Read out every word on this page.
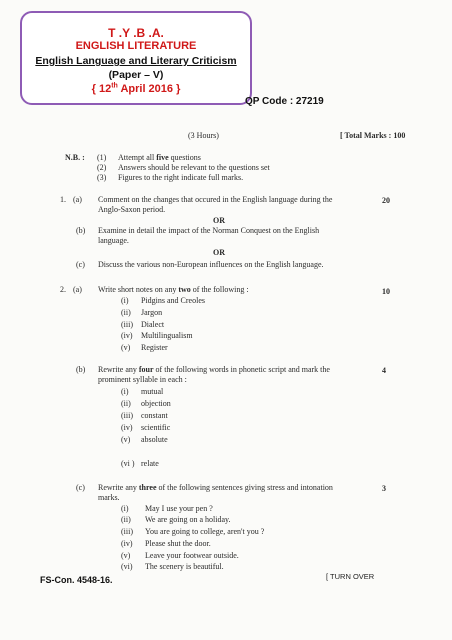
T .Y .B .A.
ENGLISH LITERATURE
English Language and Literary Criticism
(Paper – V)
{ 12th April 2016 }
QP Code : 27219
(3 Hours)	[ Total Marks : 100
N.B. : (1) Attempt all five questions
(2) Answers should be relevant to the questions set
(3) Figures to the right indicate full marks.
1. (a) Comment on the changes that occured in the English language during the
Anglo-Saxon period.
20
OR
(b) Examine in detail the impact of the Norman Conquest on the English
language.
OR
(c) Discuss the various non-European influences on the English language.
2. (a) Write short notes on any two of the following :	10
(i) Pidgins and Creoles
(ii) Jargon
(iii) Dialect
(iv) Multilingualism
(v) Register
(b) Rewrite any four of the following words in phonetic script and mark the
prominent syllable in each :
4
(i) mutual
(ii) objection
(iii) constant
(iv) scientific
(v) absolute
(vi ) relate
(c) Rewrite any three of the following sentences giving stress and intonation
marks.
3
(i) May I use your pen ?
(ii) We are going on a holiday.
(iii) You are going to college, aren't you ?
(iv) Please shut the door.
(v) Leave your footwear outside.
(vi) The scenery is beautiful.
FS-Con. 4548-16.	[ TURN OVER
